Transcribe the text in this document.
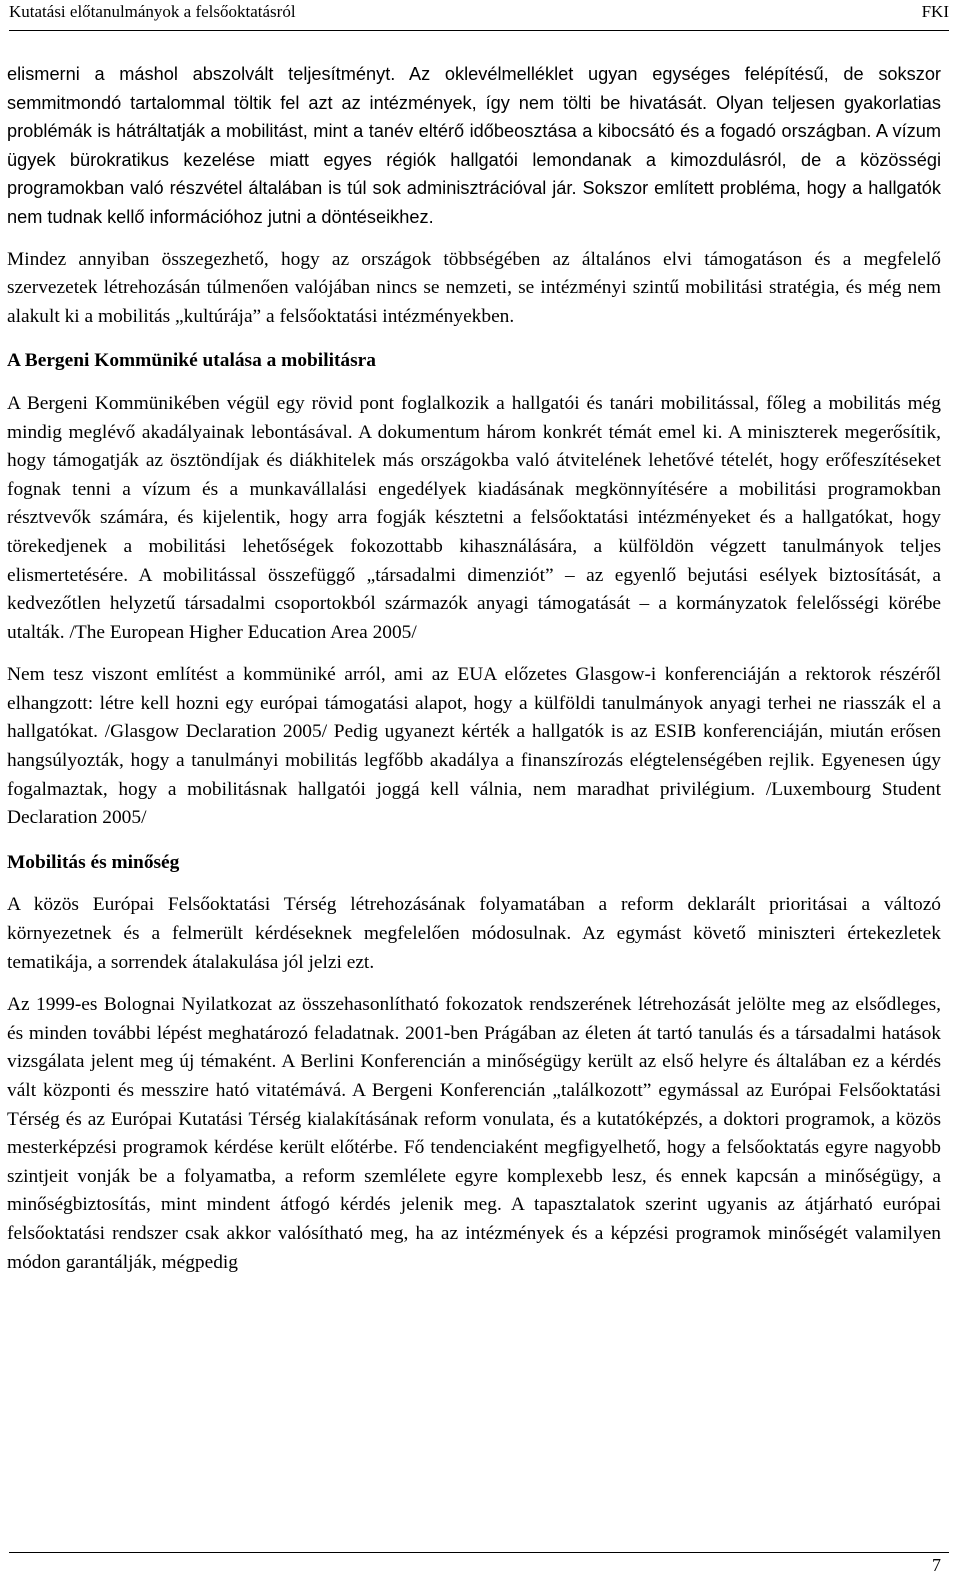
Kutatási előtanulmányok a felsőoktatásról	FKI

elismerni a máshol abszolvált teljesítményt. Az oklevélmelléklet ugyan egységes felépítésű, de sokszor semmitmondó tartalommal töltik fel azt az intézmények, így nem tölti be hivatását. Olyan teljesen gyakorlatias problémák is hátráltatják a mobilitást, mint a tanév eltérő időbeosztása a kibocsátó és a fogadó országban. A vízum ügyek bürokratikus kezelése miatt egyes régiók hallgatói lemondanak a kimozdulásról, de a közösségi programokban való részvétel általában is túl sok adminisztrációval jár. Sokszor említett probléma, hogy a hallgatók nem tudnak kellő információhoz jutni a döntéseikhez.

Mindez annyiban összegezhető, hogy az országok többségében az általános elvi támogatáson és a megfelelő szervezetek létrehozásán túlmenően valójában nincs se nemzeti, se intézményi szintű mobilitási stratégia, és még nem alakult ki a mobilitás „kultúrája” a felsőoktatási intézményekben.

A Bergeni Kommüniké utalása a mobilitásra

A Bergeni Kommünikében végül egy rövid pont foglalkozik a hallgatói és tanári mobilitással, főleg a mobilitás még mindig meglévő akadályainak lebontásával. A dokumentum három konkrét témát emel ki. A miniszterek megerősítik, hogy támogatják az ösztöndíjak és diákhitelek más országokba való átvitelének lehetővé tételét, hogy erőfeszítéseket fognak tenni a vízum és a munkavállalási engedélyek kiadásának megkönnyítésére a mobilitási programokban résztvevők számára, és kijelentik, hogy arra fogják késztetni a felsőoktatási intézményeket és a hallgatókat, hogy törekedjenek a mobilitási lehetőségek fokozottabb kihasználására, a külföldön végzett tanulmányok teljes elismertetésére. A mobilitással összefüggő „társadalmi dimenziót” – az egyenlő bejutási esélyek biztosítását, a kedvezőtlen helyzetű társadalmi csoportokból származók anyagi támogatását – a kormányzatok felelősségi körébe utalták. /The European Higher Education Area 2005/

Nem tesz viszont említést a kommüniké arról, ami az EUA előzetes Glasgow-i konferenciáján a rektorok részéről elhangzott: létre kell hozni egy európai támogatási alapot, hogy a külföldi tanulmányok anyagi terhei ne riasszák el a hallgatókat. /Glasgow Declaration 2005/ Pedig ugyanezt kérték a hallgatók is az ESIB konferenciáján, miután erősen hangsúlyozták, hogy a tanulmányi mobilitás legfőbb akadálya a finanszírozás elégtelenségében rejlik. Egyenesen úgy fogalmaztak, hogy a mobilitásnak hallgatói joggá kell válnia, nem maradhat privilégium. /Luxembourg Student Declaration 2005/

Mobilitás és minőség

A közös Európai Felsőoktatási Térség létrehozásának folyamatában a reform deklarált prioritásai a változó környezetnek és a felmerült kérdéseknek megfelelően módosulnak. Az egymást követő miniszteri értekezletek tematikája, a sorrendek átalakulása jól jelzi ezt.

Az 1999-es Bolognai Nyilatkozat az összehasonlítható fokozatok rendszerének létrehozását jelölte meg az elsődleges, és minden további lépést meghatározó feladatnak. 2001-ben Prágában az életen át tartó tanulás és a társadalmi hatások vizsgálata jelent meg új témaként. A Berlini Konferencián a minőségügy került az első helyre és általában ez a kérdés vált központi és messzire ható vitatémává. A Bergeni Konferencián „találkozott” egymással az Európai Felsőoktatási Térség és az Európai Kutatási Térség kialakításának reform vonulata, és a kutatóképzés, a doktori programok, a közös mesterképzési programok kérdése került előtérbe. Fő tendenciaként megfigyelhető, hogy a felsőoktatás egyre nagyobb szintjeit vonják be a folyamatba, a reform szemlélete egyre komplexebb lesz, és ennek kapcsán a minőségügy, a minőségbiztosítás, mint mindent átfogó kérdés jelenik meg. A tapasztalatok szerint ugyanis az átjárható európai felsőoktatási rendszer csak akkor valósítható meg, ha az intézmények és a képzési programok minőségét valamilyen módon garantálják, mégpedig

7
